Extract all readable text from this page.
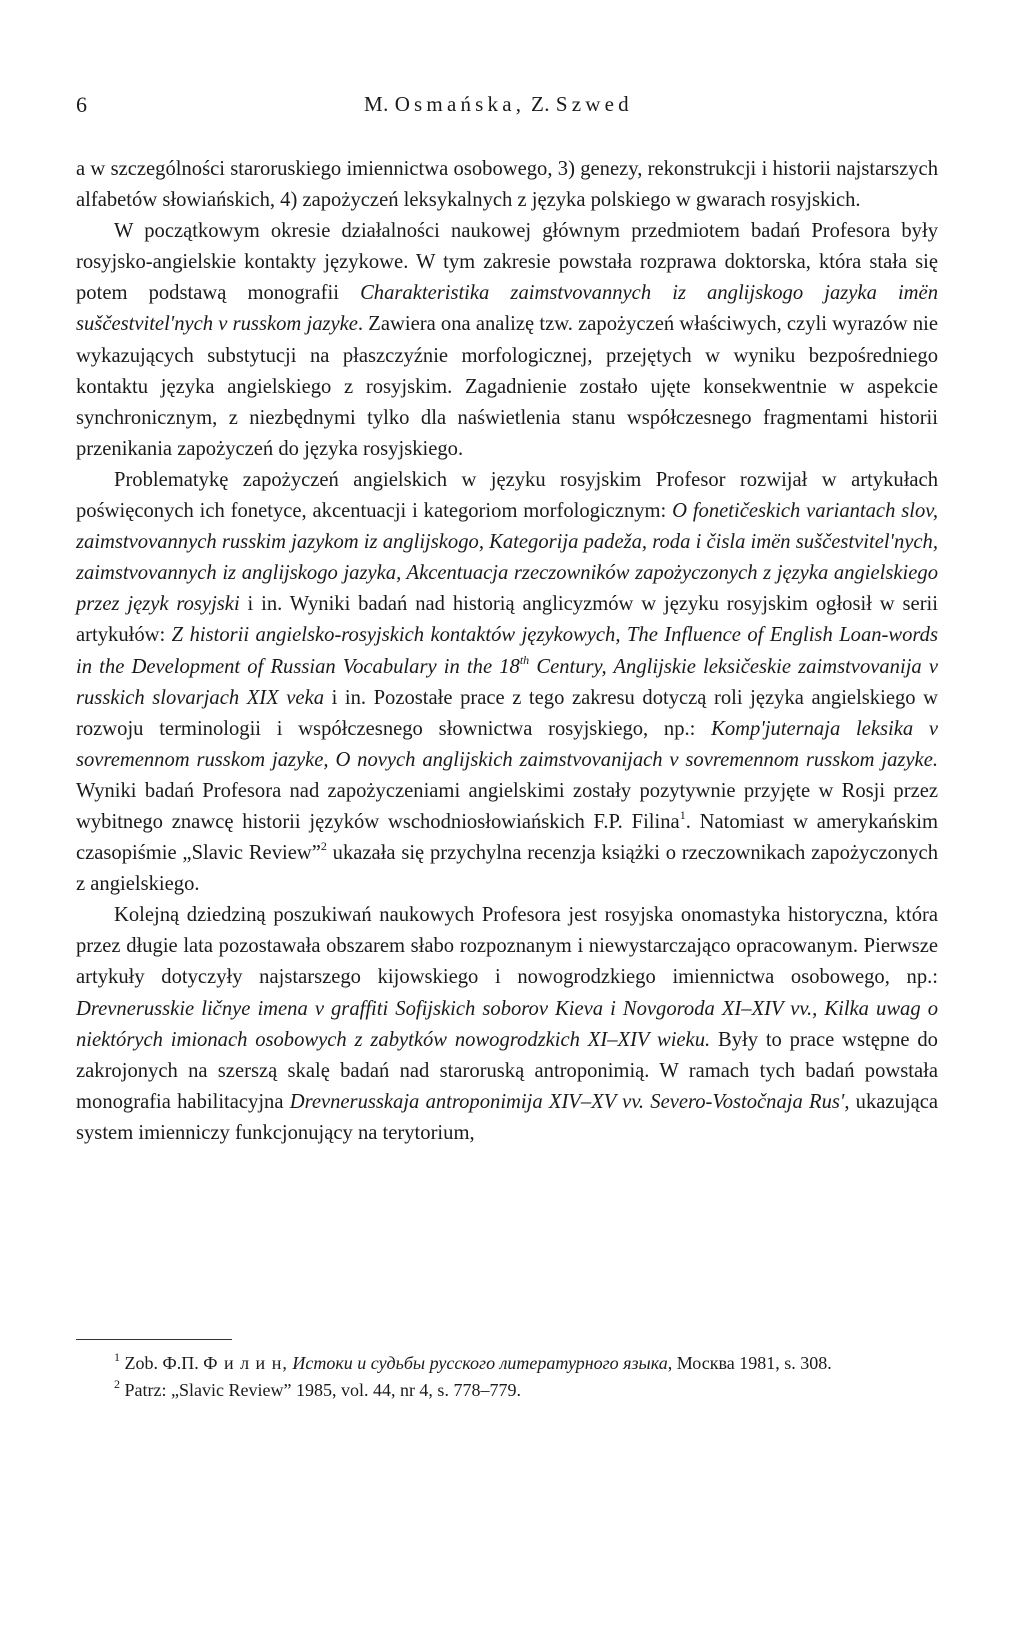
6	M. Osmańska, Z. Szwed

a w szczególności staroruskiego imiennictwa osobowego, 3) genezy, rekonstrukcji i historii najstarszych alfabetów słowiańskich, 4) zapożyczeń leksykalnych z języka polskiego w gwarach rosyjskich.

W początkowym okresie działalności naukowej głównym przedmiotem badań Profesora były rosyjsko-angielskie kontakty językowe. W tym zakresie powstała rozprawa doktorska, która stała się potem podstawą monografii Charakteristika zaimstvovannych iz anglijskogo jazyka imën suščestvitel'nych v russkom jazyke. Zawiera ona analizę tzw. zapożyczeń właściwych, czyli wyrazów nie wykazujących substytucji na płaszczyźnie morfologicznej, przejętych w wyniku bezpośredniego kontaktu języka angielskiego z rosyjskim. Zagadnienie zostało ujęte konsekwentnie w aspekcie synchronicznym, z niezbędnymi tylko dla naświetlenia stanu współczesnego fragmentami historii przenikania zapożyczeń do języka rosyjskiego.

Problematykę zapożyczeń angielskich w języku rosyjskim Profesor rozwijał w artykułach poświęconych ich fonetyce, akcentuacji i kategoriom morfologicznym: O fonetičeskich variantach slov, zaimstvovannych russkim jazykom iz anglijskogo, Kategorija padeža, roda i čisla imën suščestvitel'nych, zaimstvovannych iz anglijskogo jazyka, Akcentuacja rzeczowników zapożyczonych z języka angielskiego przez język rosyjski i in. Wyniki badań nad historią anglicyzmów w języku rosyjskim ogłosił w serii artykułów: Z historii angielsko-rosyjskich kontaktów językowych, The Influence of English Loan-words in the Development of Russian Vocabulary in the 18th Century, Anglijskie leksičeskie zaimstvovanija v russkich slovarjach XIX veka i in. Pozostałe prace z tego zakresu dotyczą roli języka angielskiego w rozwoju terminologii i współczesnego słownictwa rosyjskiego, np.: Komp'juternaja leksika v sovremennom russkom jazyke, O novych anglijskich zaimstvovanijach v sovremennom russkom jazyke. Wyniki badań Profesora nad zapożyczeniami angielskimi zostały pozytywnie przyjęte w Rosji przez wybitnego znawcę historii języków wschodniosłowiańskich F.P. Filina$^1$. Natomiast w amerykańskim czasopiśmie „Slavic Review”$^2$ ukazała się przychylna recenzja książki o rzeczownikach zapożyczonych z angielskiego.

Kolejną dziedziną poszukiwań naukowych Profesora jest rosyjska onomastyka historyczna, która przez długie lata pozostawała obszarem słabo rozpoznanym i niewystarczająco opracowanym. Pierwsze artykuły dotyczyły najstarszego kijowskiego i nowogrodzkiego imiennictwa osobowego, np.: Drevnerusskie ličnye imena v graffiti Sofijskich soborov Kieva i Novgoroda XI–XIV vv., Kilka uwag o niektórych imionach osobowych z zabytków nowogrodzkich XI–XIV wieku. Były to prace wstępne do zakrojonych na szerszą skalę badań nad staroruską antroponimią. W ramach tych badań powstała monografia habilitacyjna Drevnerusskaja antroponimija XIV–XV vv. Severo-Vostočnaja Rus', ukazująca system imienniczy funkcjonujący na terytorium,

$^1$ Zob. Ф.П. Ф и л и н, Истоки и судьбы русского литературного языка, Москва 1981, s. 308.

$^2$ Patrz: „Slavic Review” 1985, vol. 44, nr 4, s. 778–779.
